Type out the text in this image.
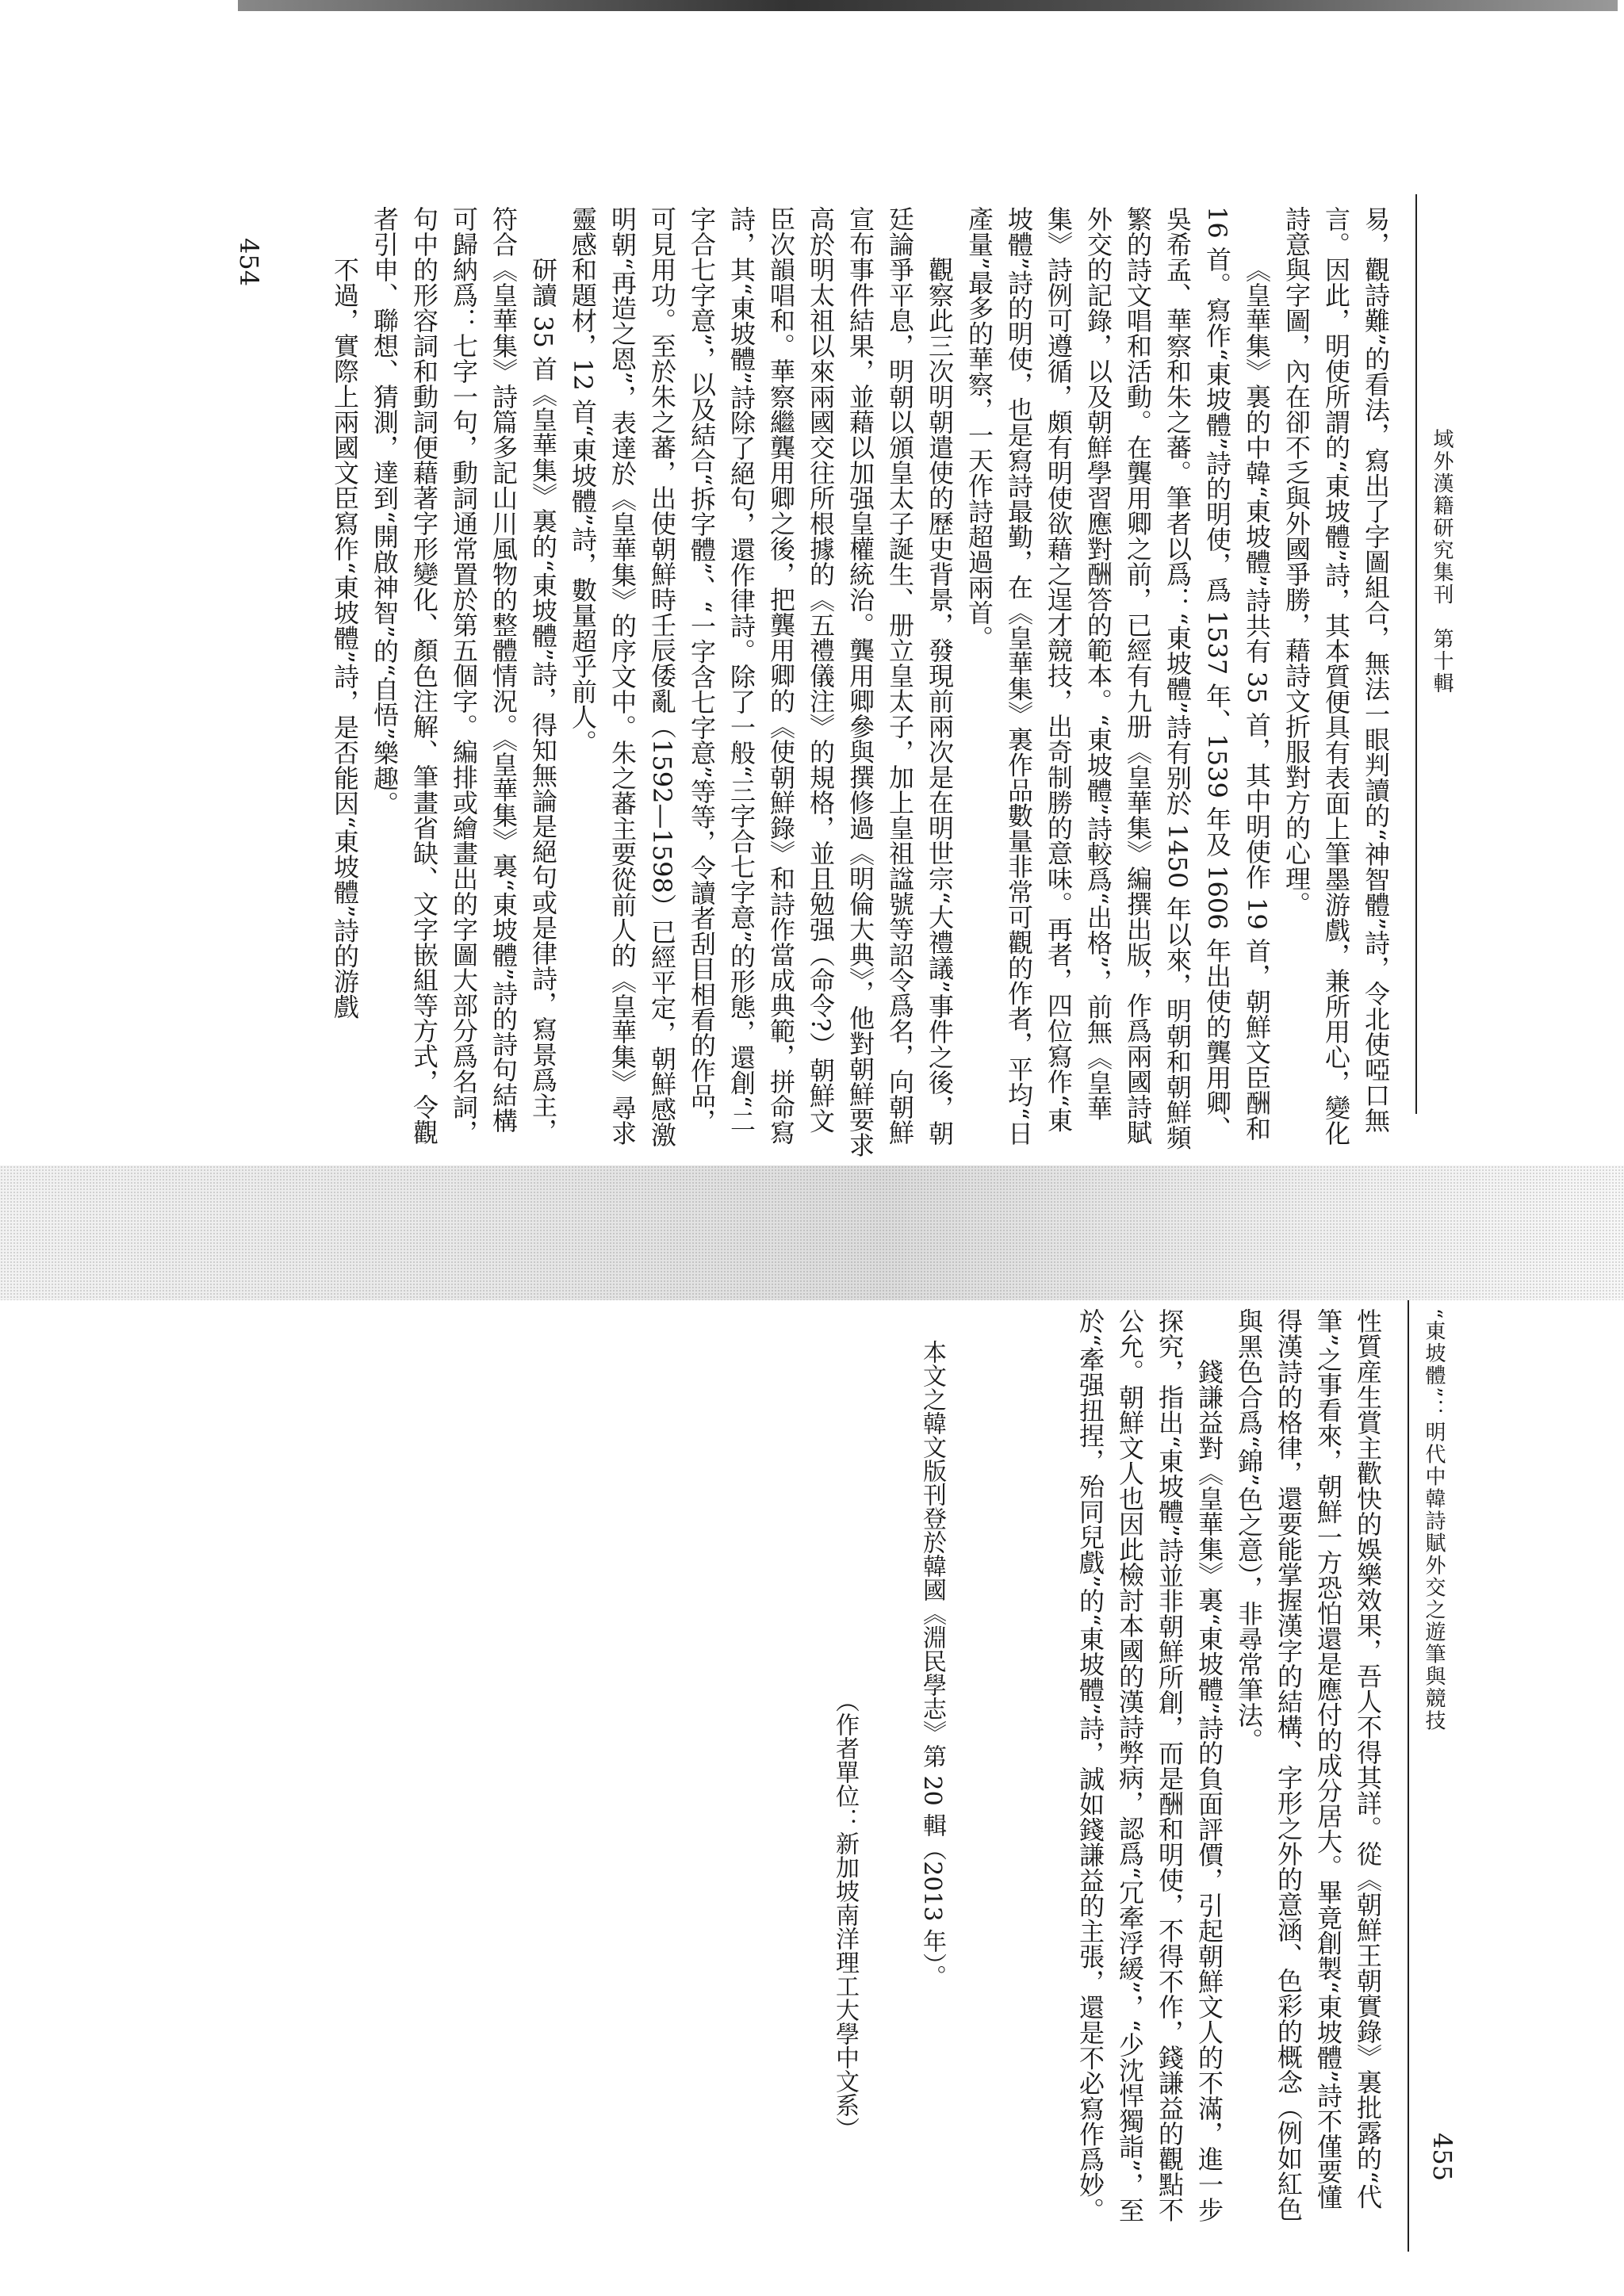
454
域外漢籍研究集刊　第十輯

易，觀詩難”的看法，寫出了字圖組合，無法一眼判讀的“神智體”詩，令北使啞口無言。因此，明使所謂的“東坡體”詩，其本質便具有表面上筆墨游戲，兼所用心，變化詩意與字圖，內在卻不乏與外國爭勝，藉詩文折服對方的心理。

《皇華集》裏的中韓“東坡體”詩共有 35 首，其中明使作 19 首，朝鮮文臣酬和 16 首。寫作“東坡體”詩的明使，爲 1537 年、1539 年及 1606 年出使的龔用卿、吳希孟、華察和朱之蕃。筆者以爲：“東坡體”詩有别於 1450 年以來，明朝和朝鮮頻繁的詩文唱和活動。在龔用卿之前，已經有九册《皇華集》編撰出版，作爲兩國詩賦外交的記錄，以及朝鮮學習應對酬答的範本。“東坡體”詩較爲“出格”，前無《皇華集》詩例可遵循，頗有明使欲藉之逞才競技，出奇制勝的意味。再者，四位寫作“東坡體”詩的明使，也是寫詩最勤，在《皇華集》裏作品數量非常可觀的作者，平均“日產量”最多的華察，一天作詩超過兩首。

觀察此三次明朝遣使的歷史背景，發現前兩次是在明世宗“大禮議”事件之後，朝廷論爭平息，明朝以頒皇太子誕生、册立皇太子，加上皇祖諡號等詔令爲名，向朝鮮宣布事件結果，並藉以加强皇權統治。龔用卿參與撰修過《明倫大典》，他對朝鮮要求高於明太祖以來兩國交往所根據的《五禮儀注》的規格，並且勉强（命令?）朝鮮文臣次韻唱和。華察繼龔用卿之後，把龔用卿的《使朝鮮錄》和詩作當成典範，拼命寫詩，其“東坡體”詩除了絕句，還作律詩。除了一般“三字合七字意”的形態，還創“二字合七字意”，以及結合“拆字體”、“一字含七字意”等等，令讀者刮目相看的作品，可見用功。至於朱之蕃，出使朝鮮時壬辰倭亂（1592—1598）已經平定，朝鮮感激明朝“再造之恩”，表達於《皇華集》的序文中。朱之蕃主要從前人的《皇華集》尋求靈感和題材，12 首“東坡體”詩，數量超乎前人。

研讀 35 首《皇華集》裏的“東坡體”詩，得知無論是絕句或是律詩，寫景爲主，符合《皇華集》詩篇多記山川風物的整體情況。《皇華集》裏“東坡體”詩的詩句結構可歸納爲：七字一句，動詞通常置於第五個字。編排或繪畫出的字圖大部分爲名詞，句中的形容詞和動詞便藉著字形變化、顏色注解、筆畫省缺、文字嵌組等方式，令觀者引申、聯想、猜測，達到“開啟神智”的“自悟”樂趣。

不過，實際上兩國文臣寫作“東坡體”詩，是否能因“東坡體”詩的游戲

455
“東坡體”：明代中韓詩賦外交之遊筆與競技

性質産生賞主歡快的娛樂效果，吾人不得其詳。從《朝鮮王朝實錄》裏批露的“代筆”之事看來，朝鮮一方恐怕還是應付的成分居大。畢竟創製“東坡體”詩不僅要懂得漢詩的格律，還要能掌握漢字的結構、字形之外的意涵、色彩的概念（例如紅色與黑色合爲“錦”色之意），非尋常筆法。

錢謙益對《皇華集》裏“東坡體”詩的負面評價，引起朝鮮文人的不滿，進一步探究，指出“東坡體”詩並非朝鮮所創，而是酬和明使，不得不作，錢謙益的觀點不公允。朝鮮文人也因此檢討本國的漢詩弊病，認爲“冗牽浮緩”，“少沈悍獨詣”，至於“牽强扭捏，殆同兒戲”的“東坡體”詩，誠如錢謙益的主張，還是不必寫作爲妙。

本文之韓文版刊登於韓國《淵民學志》第 20 輯（2013 年）。
（作者單位：新加坡南洋理工大學中文系）
